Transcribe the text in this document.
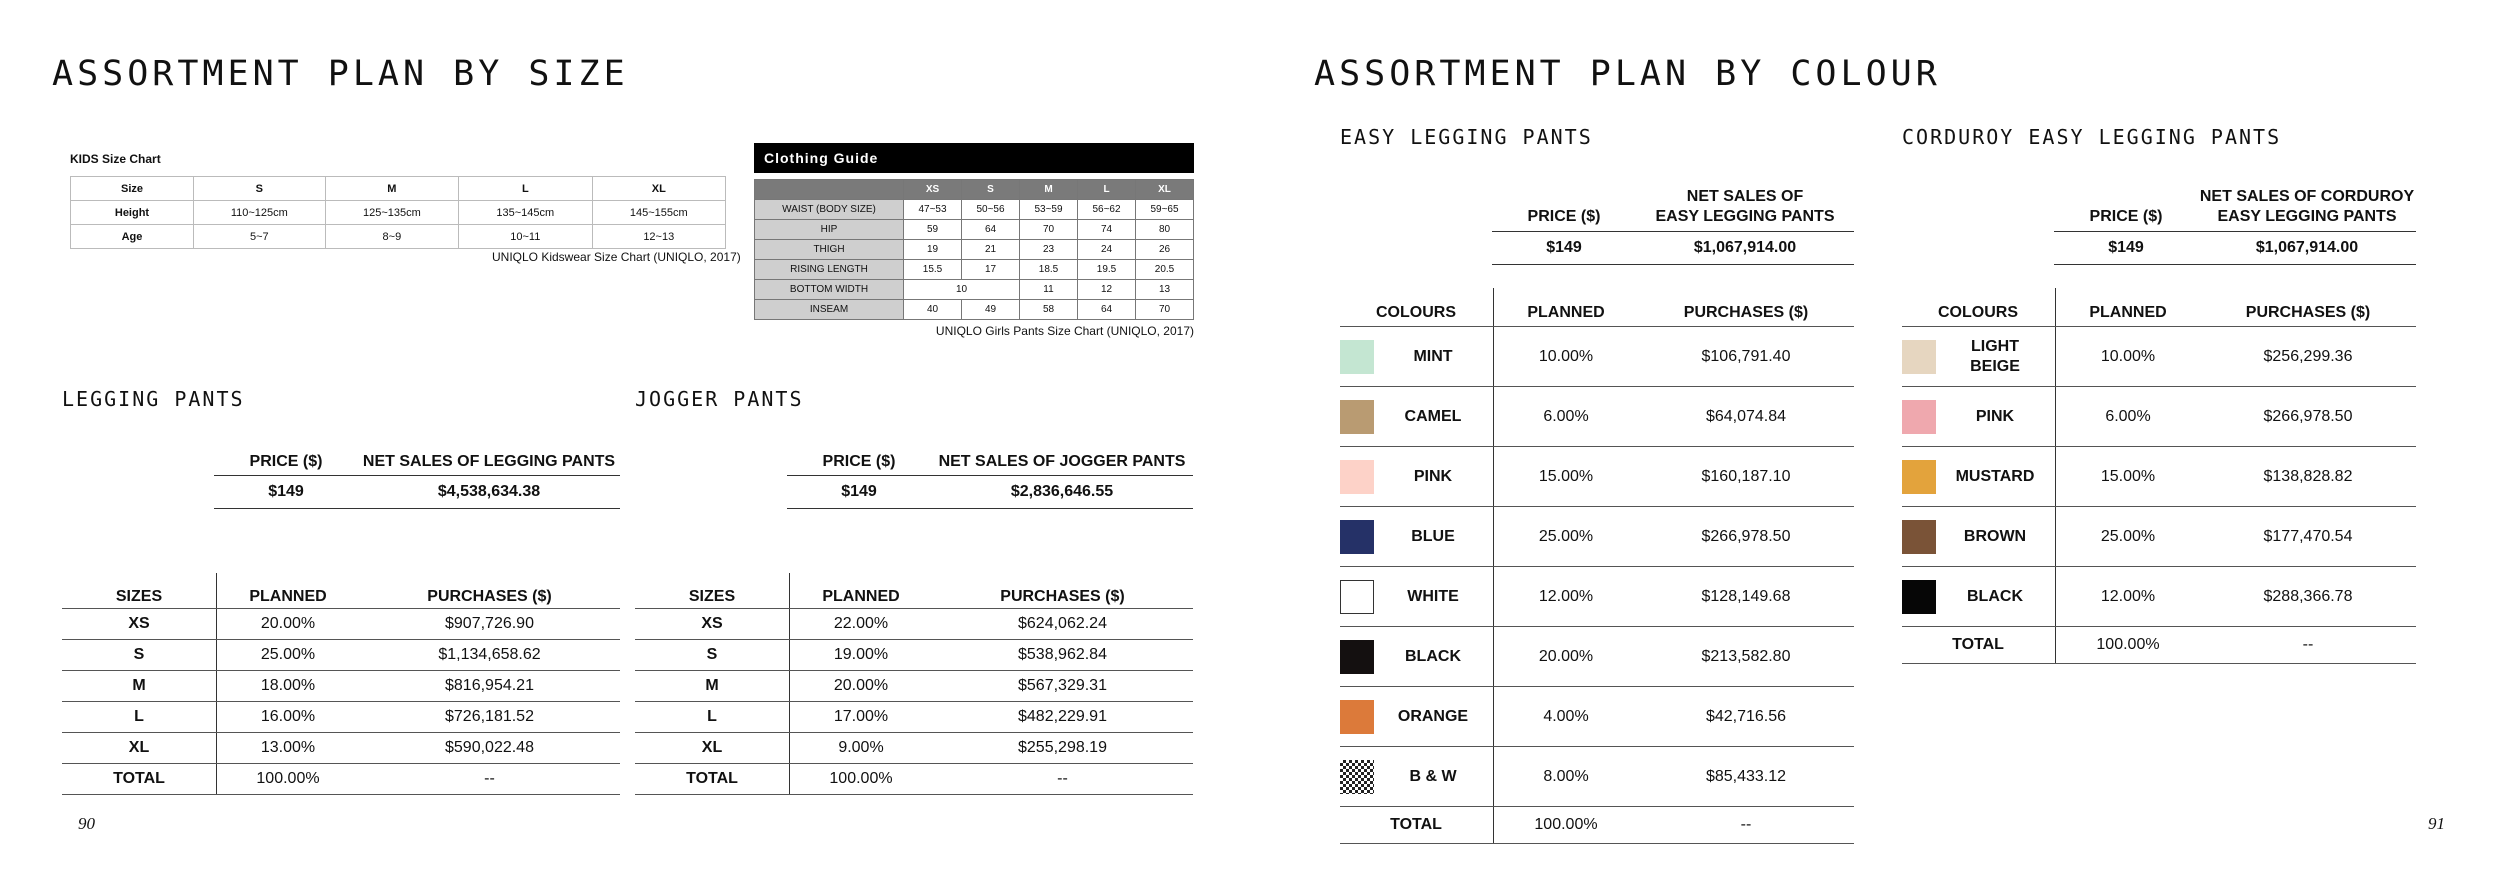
ASSORTMENT PLAN BY SIZE
KIDS Size Chart
Size	S	M	L	XL
Height	110~125cm	125~135cm	135~145cm	145~155cm
Age	5~7	8~9	10~11	12~13
UNIQLO Kidswear Size Chart (UNIQLO, 2017)
Clothing Guide
	XS	S	M	L	XL
WAIST (BODY SIZE)	47~53	50~56	53~59	56~62	59~65
HIP	59	64	70	74	80
THIGH	19	21	23	24	26
RISING LENGTH	15.5	17	18.5	19.5	20.5
BOTTOM WIDTH	10		11	12	13
INSEAM	40	49	58	64	70
UNIQLO Girls Pants Size Chart (UNIQLO, 2017)
LEGGING PANTS
PRICE ($)	NET SALES OF LEGGING PANTS
$149	$4,538,634.38
SIZES	PLANNED	PURCHASES ($)
XS	20.00%	$907,726.90
S	25.00%	$1,134,658.62
M	18.00%	$816,954.21
L	16.00%	$726,181.52
XL	13.00%	$590,022.48
TOTAL	100.00%	--
JOGGER PANTS
PRICE ($)	NET SALES OF JOGGER PANTS
$149	$2,836,646.55
SIZES	PLANNED	PURCHASES ($)
XS	22.00%	$624,062.24
S	19.00%	$538,962.84
M	20.00%	$567,329.31
L	17.00%	$482,229.91
XL	9.00%	$255,298.19
TOTAL	100.00%	--
90
ASSORTMENT PLAN BY COLOUR
EASY LEGGING PANTS
PRICE ($)	NET SALES OF
EASY LEGGING PANTS
$149	$1,067,914.00
COLOURS	PLANNED	PURCHASES ($)

MINT	10.00%	$106,791.40

CAMEL	6.00%	$64,074.84

PINK	15.00%	$160,187.10

BLUE	25.00%	$266,978.50

WHITE	12.00%	$128,149.68

BLACK	20.00%	$213,582.80

ORANGE	4.00%	$42,716.56

B & W	8.00%	$85,433.12
TOTAL	100.00%	--
CORDUROY EASY LEGGING PANTS
PRICE ($)	NET SALES OF CORDUROY
EASY LEGGING PANTS
$149	$1,067,914.00
COLOURS	PLANNED	PURCHASES ($)

LIGHT
BEIGE	10.00%	$256,299.36

PINK	6.00%	$266,978.50

MUSTARD	15.00%	$138,828.82

BROWN	25.00%	$177,470.54

BLACK	12.00%	$288,366.78
TOTAL	100.00%	--
91
